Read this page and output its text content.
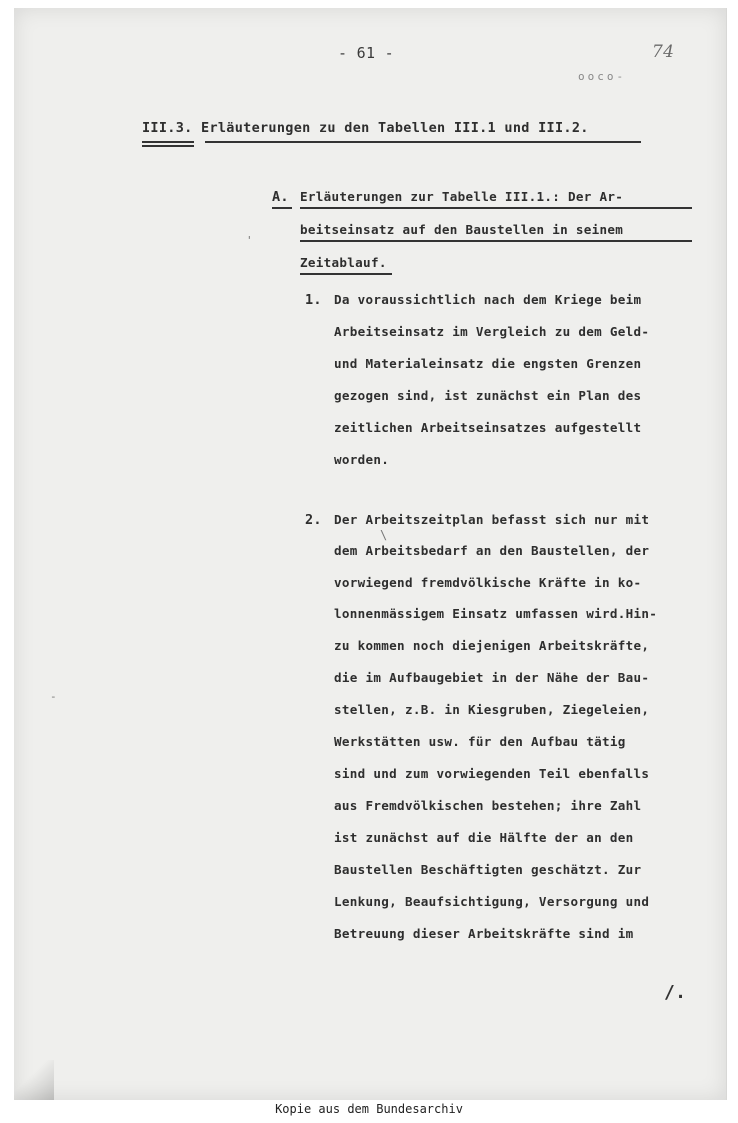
- 61 -	74
ooco-
III.3. Erläuterungen zu den Tabellen III.1 und III.2.
A. Erläuterungen zur Tabelle III.1.: Der Ar-
beitseinsatz auf den Baustellen in seinem
Zeitablauf.
1. Da voraussichtlich nach dem Kriege beim
Arbeitseinsatz im Vergleich zu dem Geld-
und Materialeinsatz die engsten Grenzen
gezogen sind, ist zunächst ein Plan des
zeitlichen Arbeitseinsatzes aufgestellt
worden.
2. Der Arbeitszeitplan befasst sich nur mit
dem Arbeitsbedarf an den Baustellen, der
vorwiegend fremdvölkische Kräfte in ko-
lonnenmässigem Einsatz umfassen wird.Hin-
zu kommen noch diejenigen Arbeitskräfte,
die im Aufbaugebiet in der Nähe der Bau-
stellen, z.B. in Kiesgruben, Ziegeleien,
Werkstätten usw. für den Aufbau tätig
sind und zum vorwiegenden Teil ebenfalls
aus Fremdvölkischen bestehen; ihre Zahl
ist zunächst auf die Hälfte der an den
Baustellen Beschäftigten geschätzt. Zur
Lenkung, Beaufsichtigung, Versorgung und
Betreuung dieser Arbeitskräfte sind im
'
-
\
/.
Kopie aus dem Bundesarchiv
